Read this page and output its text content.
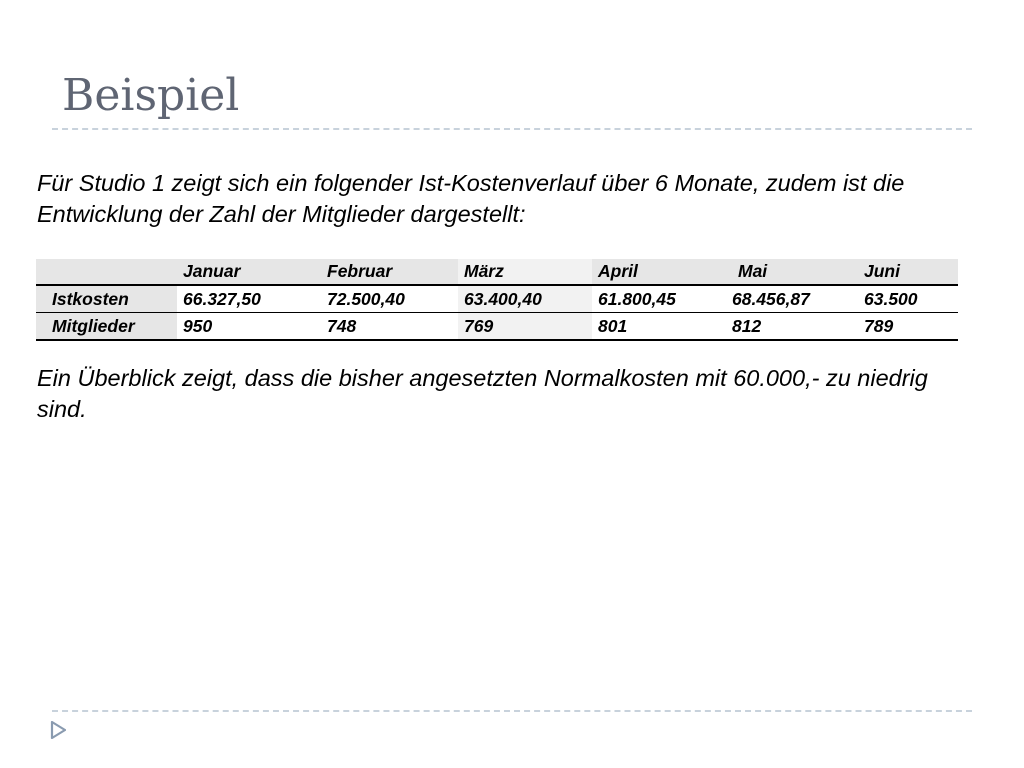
Beispiel

Für Studio 1 zeigt sich ein folgender Ist-Kostenverlauf über 6 Monate, zudem ist die Entwicklung der Zahl der Mitglieder dargestellt:

	Januar	Februar	März	April	Mai	Juni
Istkosten	66.327,50	72.500,40	63.400,40	61.800,45	68.456,87	63.500
Mitglieder	950	748	769	801	812	789

Ein Überblick zeigt, dass die bisher angesetzten Normalkosten mit 60.000,- zu niedrig sind.
